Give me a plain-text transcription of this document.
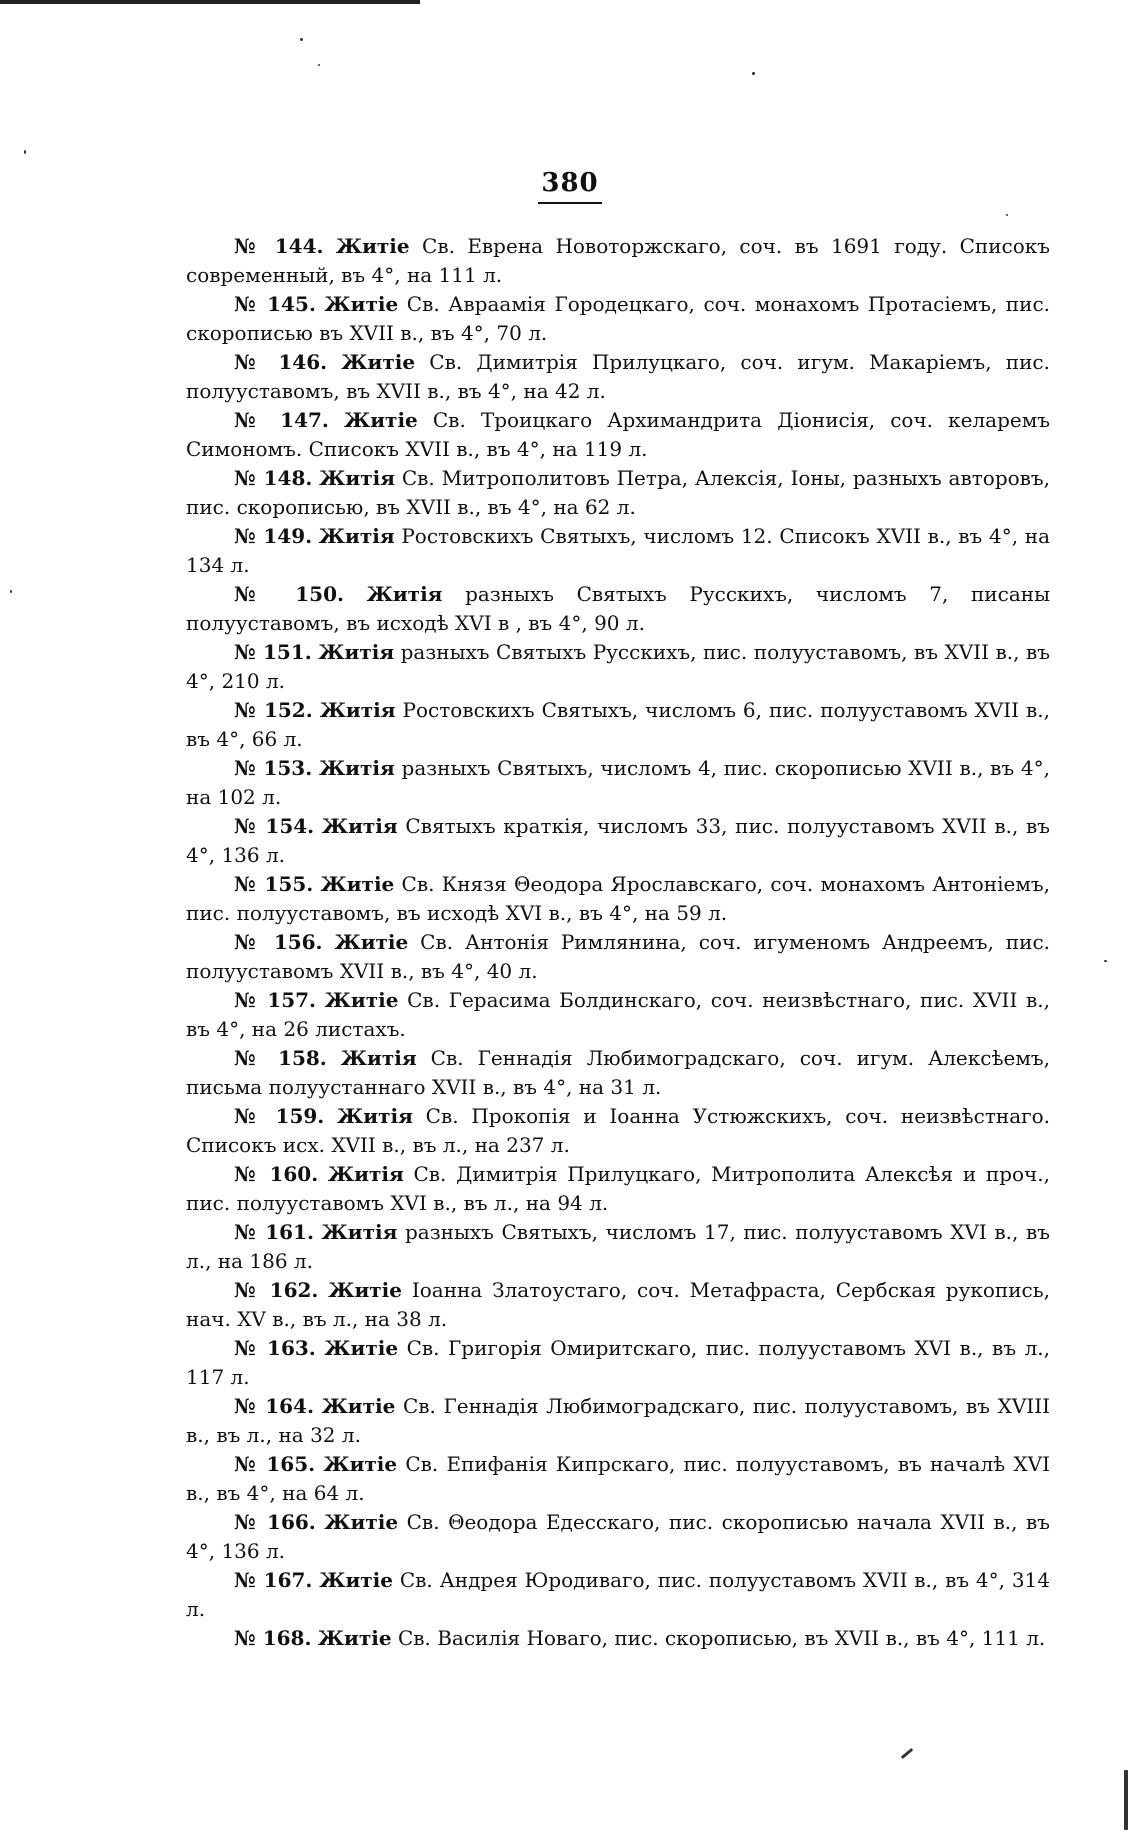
380

№ 144. Житіе Св. Еврена Новоторжскаго, соч. въ 1691 году. Спиcокъ современный, въ 4°, на 111 л.

№ 145. Житіе Св. Авраамія Городецкаго, соч. монахомъ Протасіемъ, пис. скорописью въ XVII в., въ 4°, 70 л.

№ 146. Житіе Св. Димитрія Прилуцкаго, соч. игум. Макаріемъ, пис. полууставомъ, въ XVII в., въ 4°, на 42 л.

№ 147. Житіе Св. Троицкаго Архимандрита Діонисія, соч. келаремъ Симономъ. Списокъ XVII в., въ 4°, на 119 л.

№ 148. Житія Св. Митрополитовъ Петра, Алексія, Іоны, разныхъ авторовъ, пис. скорописью, въ XVII в., въ 4°, на 62 л.

№ 149. Житія Ростовскихъ Святыхъ, числомъ 12. Списокъ XVII в., въ 4°, на 134 л.

№ 150. Житія разныхъ Святыхъ Русскихъ, числомъ 7, писаны полууставомъ, въ исходѣ XVI в , въ 4°, 90 л.

№ 151. Житія разныхъ Святыхъ Русскихъ, пис. полууставомъ, въ XVII в., въ 4°, 210 л.

№ 152. Житія Ростовскихъ Святыхъ, числомъ 6, пис. полууставомъ XVII в., въ 4°, 66 л.

№ 153. Житія разныхъ Святыхъ, числомъ 4, пис. скорописью XVII в., въ 4°, на 102 л.

№ 154. Житія Святыхъ краткія, числомъ 33, пис. полууставомъ XVII в., въ 4°, 136 л.

№ 155. Житіе Св. Князя Θеодора Ярославскаго, соч. монахомъ Антоніемъ, пис. полууставомъ, въ исходѣ XVI в., въ 4°, на 59 л.

№ 156. Житіе Св. Антонія Римлянина, соч. игуменомъ Андреемъ, пис. полууставомъ XVII в., въ 4°, 40 л.

№ 157. Житіе Св. Герасима Болдинскаго, соч. неизвѣстнаго, пис. XVII в., въ 4°, на 26 листахъ.

№ 158. Житія Св. Геннадія Любимоградскаго, соч. игум. Алексѣемъ, письма полуустаннаго XVII в., въ 4°, на 31 л.

№ 159. Житія Св. Прокопія и Іоанна Устюжскихъ, соч. неизвѣстнаго. Списокъ исх. XVII в., въ л., на 237 л.

№ 160. Житія Св. Димитрія Прилуцкаго, Митрополита Алексѣя и проч., пис. полууставомъ XVI в., въ л., на 94 л.

№ 161. Житія разныхъ Святыхъ, числомъ 17, пис. полууставомъ XVI в., въ л., на 186 л.

№ 162. Житіе Іоанна Златоустаго, соч. Метафраста, Сербская рукопись, нач. XV в., въ л., на 38 л.

№ 163. Житіе Св. Григорія Омиритскаго, пис. полууставомъ XVI в., въ л., 117 л.

№ 164. Житіе Св. Геннадія Любимоградскаго, пис. полууставомъ, въ XVIII в., въ л., на 32 л.

№ 165. Житіе Св. Епифанія Кипрскаго, пис. полууставомъ, въ началѣ XVI в., въ 4°, на 64 л.

№ 166. Житіе Св. Θеодора Едесскаго, пис. скорописью начала XVII в., въ 4°, 136 л.

№ 167. Житіе Св. Андрея Юродиваго, пис. полууставомъ XVII в., въ 4°, 314 л.

№ 168. Житіе Св. Василія Новаго, пис. скорописью, въ XVII в., въ 4°, 111 л.
